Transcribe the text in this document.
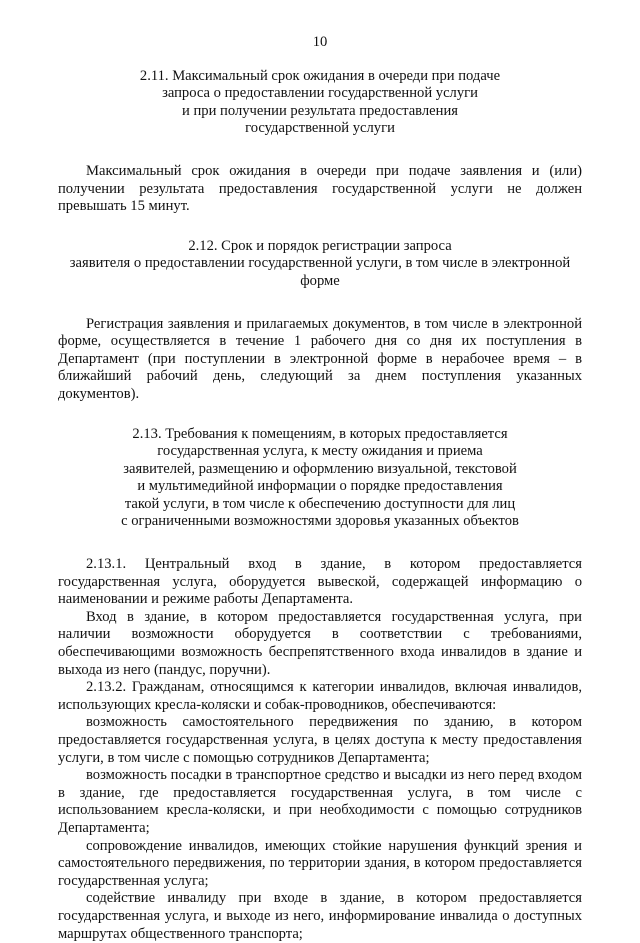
10
2.11. Максимальный срок ожидания в очереди при подаче
запроса о предоставлении государственной услуги
и при получении результата предоставления
государственной услуги

Максимальный срок ожидания в очереди при подаче заявления и (или) получении результата предоставления государственной услуги не должен превышать 15 минут.

2.12. Срок и порядок регистрации запроса
заявителя о предоставлении государственной услуги, в том числе в электронной
форме

Регистрация заявления и прилагаемых документов, в том числе в электронной форме, осуществляется в течение 1 рабочего дня со дня их поступления в Департамент (при поступлении в электронной форме в нерабочее время – в ближайший рабочий день, следующий за днем поступления указанных документов).

2.13. Требования к помещениям, в которых предоставляется
государственная услуга, к месту ожидания и приема
заявителей, размещению и оформлению визуальной, текстовой
и мультимедийной информации о порядке предоставления
такой услуги, в том числе к обеспечению доступности для лиц
с ограниченными возможностями здоровья указанных объектов

2.13.1. Центральный вход в здание, в котором предоставляется государственная услуга, оборудуется вывеской, содержащей информацию о наименовании и режиме работы Департамента.

Вход в здание, в котором предоставляется государственная услуга, при наличии возможности оборудуется в соответствии с требованиями, обеспечивающими возможность беспрепятственного входа инвалидов в здание и выхода из него (пандус, поручни).

2.13.2. Гражданам, относящимся к категории инвалидов, включая инвалидов, использующих кресла-коляски и собак-проводников, обеспечиваются:

возможность самостоятельного передвижения по зданию, в котором предоставляется государственная услуга, в целях доступа к месту предоставления услуги, в том числе с помощью сотрудников Департамента;

возможность посадки в транспортное средство и высадки из него перед входом в здание, где предоставляется государственная услуга, в том числе с использованием кресла-коляски, и при необходимости с помощью сотрудников Департамента;

сопровождение инвалидов, имеющих стойкие нарушения функций зрения и самостоятельного передвижения, по территории здания, в котором предоставляется государственная услуга;

содействие инвалиду при входе в здание, в котором предоставляется государственная услуга, и выходе из него, информирование инвалида о доступных маршрутах общественного транспорта;
